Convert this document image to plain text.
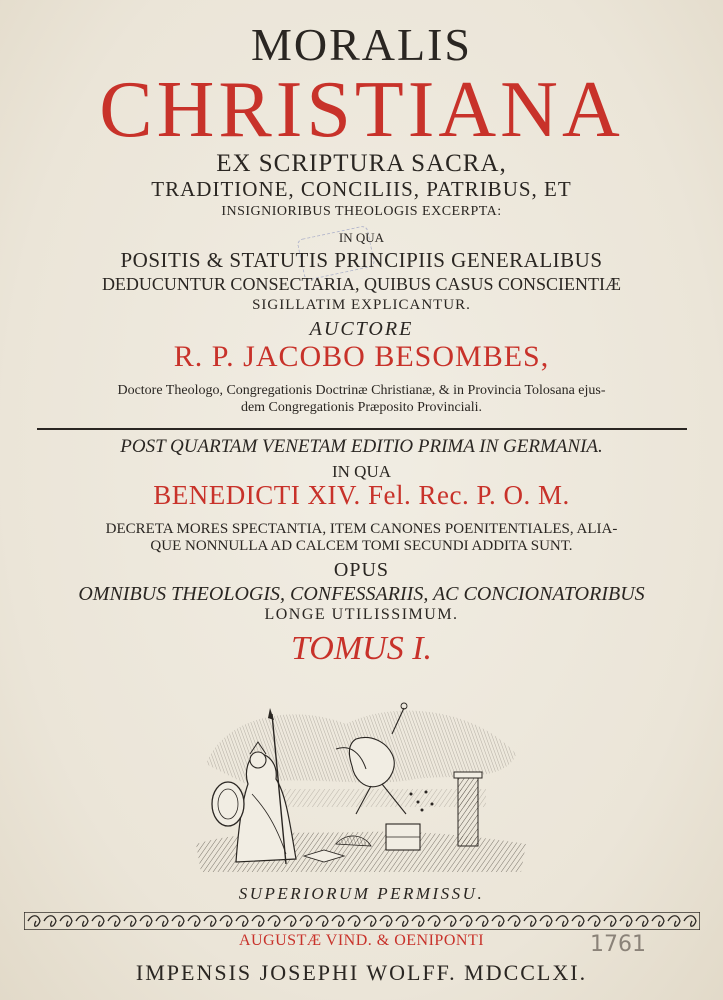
MORALIS
CHRISTIANA
EX SCRIPTURA SACRA,
TRADITIONE, CONCILIIS, PATRIBUS, ET
INSIGNIORIBUS THEOLOGIS EXCERPTA:
IN QUA
POSITIS & STATUTIS PRINCIPIIS GENERALIBUS
DEDUCUNTUR CONSECTARIA, QUIBUS CASUS CONSCIENTIÆ
SIGILLATIM EXPLICANTUR.
AUCTORE
R. P. JACOBO BESOMBES,
Doctore Theologo, Congregationis Doctrinæ Christianæ, & in Provincia Tolosana ejus-
dem Congregationis Præposito Provinciali.
POST QUARTAM VENETAM EDITIO PRIMA IN GERMANIA.
IN QUA
BENEDICTI XIV. Fel. Rec. P. O. M.
DECRETA MORES SPECTANTIA, ITEM CANONES POENITENTIALES, ALIA-
QUE NONNULLA AD CALCEM TOMI SECUNDI ADDITA SUNT.
OPUS
OMNIBUS THEOLOGIS, CONFESSARIIS, AC CONCIONATORIBUS
LONGE UTILISSIMUM.
TOMUS I.
SUPERIORUM PERMISSU.
AUGUSTÆ VIND. & OENIPONTI	1761
IMPENSIS JOSEPHI WOLFF. MDCCLXI.
